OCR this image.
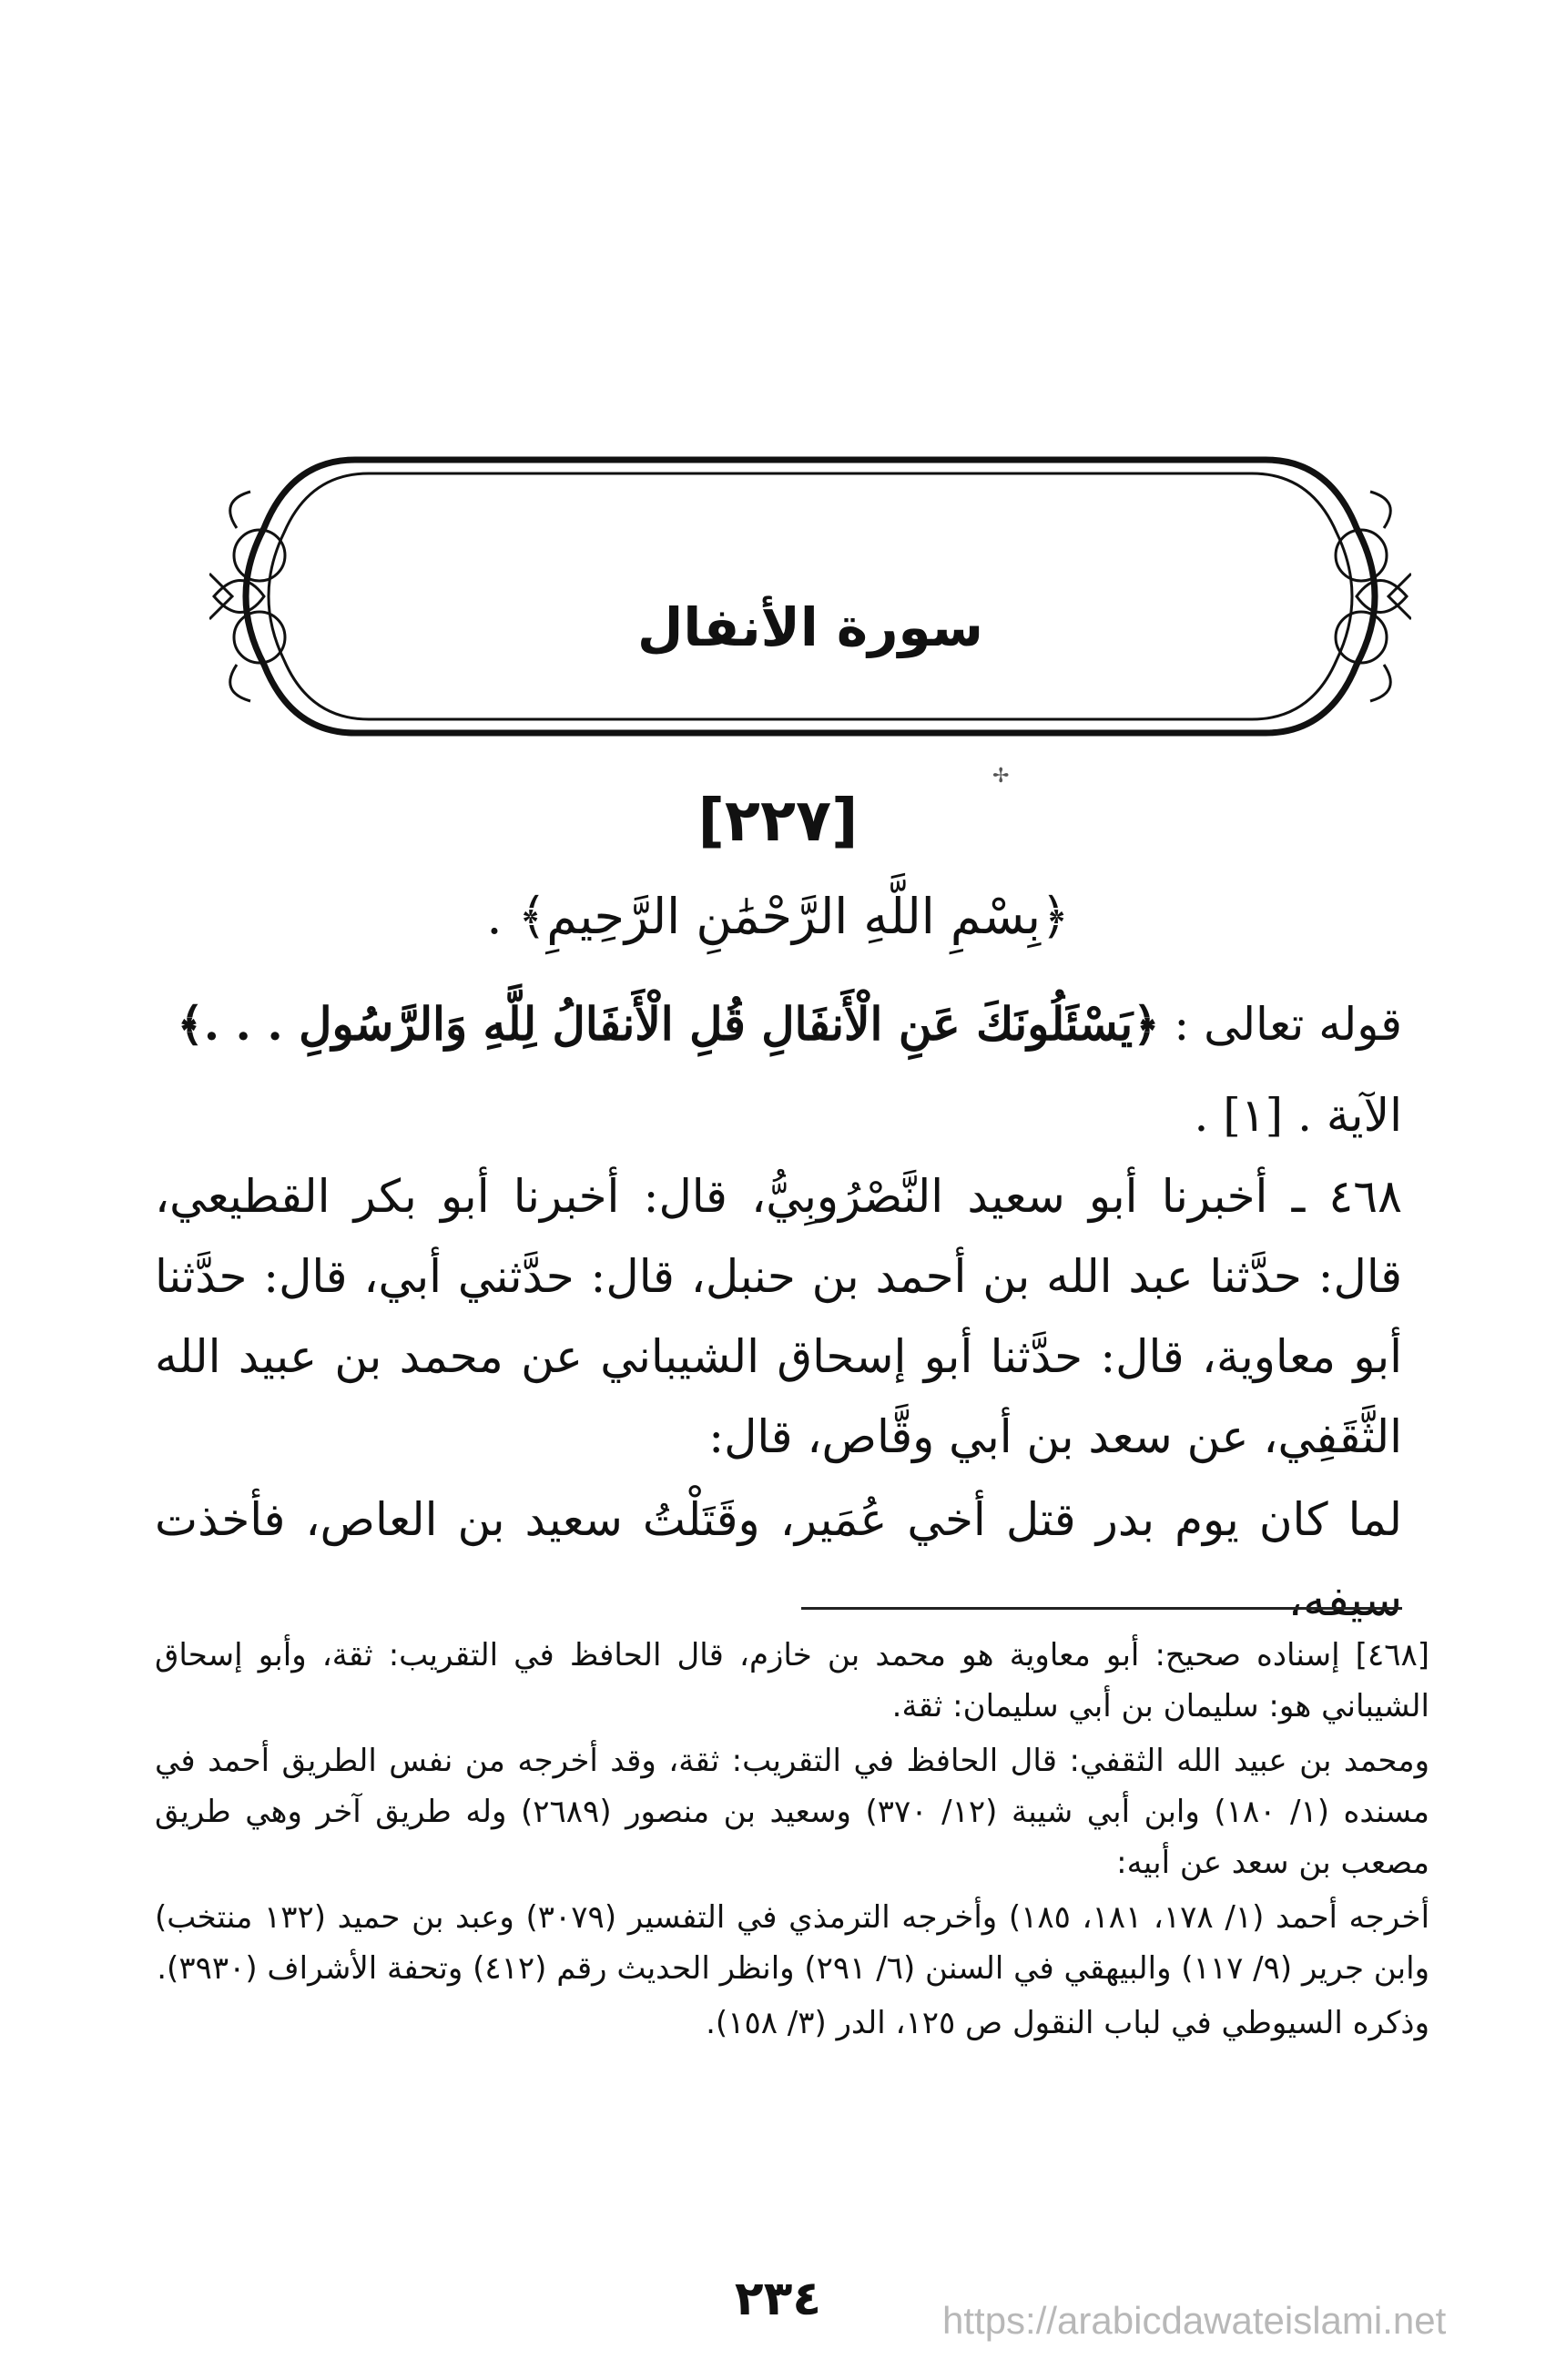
سورة الأنفال
✢
[٢٢٧]
﴿بِسْمِ اللَّهِ الرَّحْمَٰنِ الرَّحِيمِ﴾ .
قوله تعالى : ﴿يَسْئَلُونَكَ عَنِ الْأَنفَالِ قُلِ الْأَنفَالُ لِلَّهِ وَالرَّسُولِ . . .﴾
الآية . [١] .
٤٦٨ ـ أخبرنا أبو سعيد النَّصْرُوبِيُّ، قال: أخبرنا أبو بكر القطيعي، قال: حدَّثنا عبد الله بن أحمد بن حنبل، قال: حدَّثني أبي، قال: حدَّثنا أبو معاوية، قال: حدَّثنا أبو إسحاق الشيباني عن محمد بن عبيد الله الثَّقَفِي، عن سعد بن أبي وقَّاص، قال:
لما كان يوم بدر قتل أخي عُمَير، وقَتَلْتُ سعيد بن العاص، فأخذت سيفه،

[٤٦٨] إسناده صحيح: أبو معاوية هو محمد بن خازم، قال الحافظ في التقريب: ثقة، وأبو إسحاق الشيباني هو: سليمان بن أبي سليمان: ثقة.

ومحمد بن عبيد الله الثقفي: قال الحافظ في التقريب: ثقة، وقد أخرجه من نفس الطريق أحمد في مسنده (١/ ١٨٠) وابن أبي شيبة (١٢/ ٣٧٠) وسعيد بن منصور (٢٦٨٩) وله طريق آخر وهي طريق مصعب بن سعد عن أبيه:

أخرجه أحمد (١/ ١٧٨، ١٨١، ١٨٥) وأخرجه الترمذي في التفسير (٣٠٧٩) وعبد بن حميد (١٣٢ منتخب) وابن جرير (٩/ ١١٧) والبيهقي في السنن (٦/ ٢٩١) وانظر الحديث رقم (٤١٢) وتحفة الأشراف (٣٩٣٠).

وذكره السيوطي في لباب النقول ص ١٢٥، الدر (٣/ ١٥٨).

٢٣٤	https://arabicdawateislami.net
